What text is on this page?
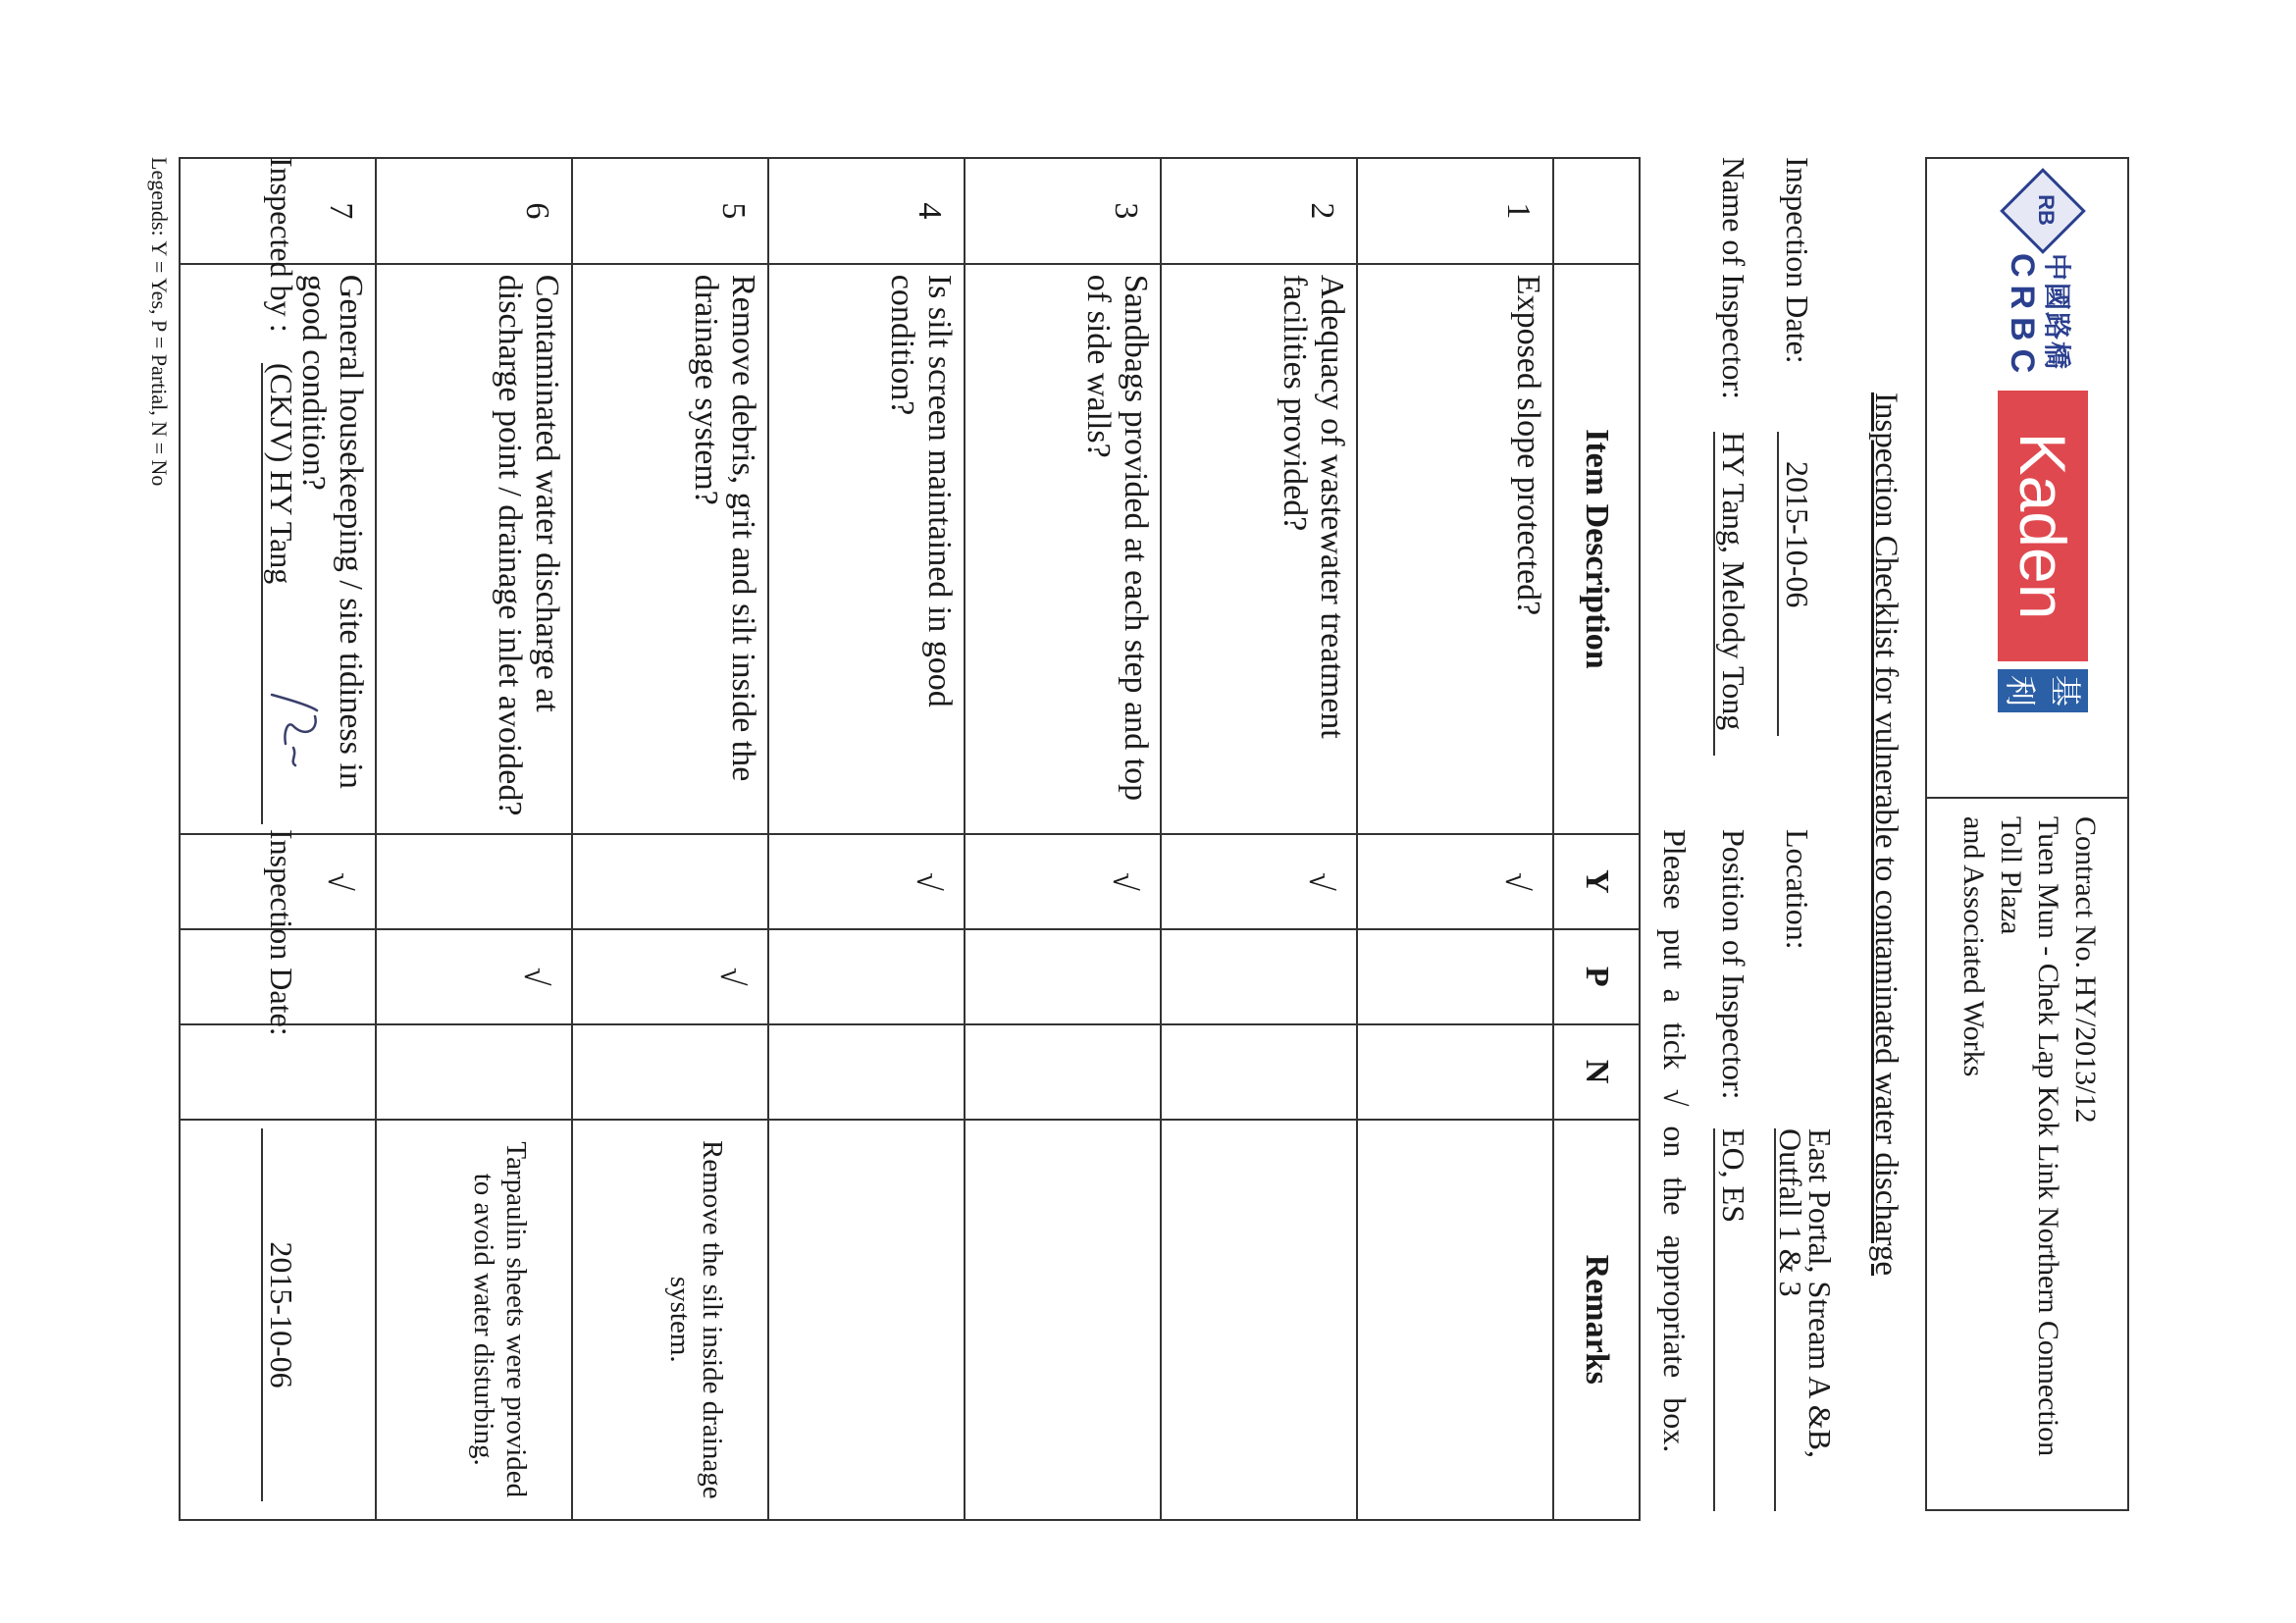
RB
中國路橋
CRBC
Kaden
基利
Contract No. HY/2013/12
Tuen Mun - Chek Lap Kok Link Northern Connection Toll Plaza
and Associated Works
Inspection Checklist for vulnerable to contaminated water discharge
Inspection Date:
2015-10-06
Location:
East Portal, Stream A &B,
Outfall 1 & 3
Name of Inspector:
HY Tang, Melody Tong
Position of Inspector:
EO, ES
Please put a tick √ on the appropriate box.
	Item Description	Y	P	N	Remarks
1	Exposed slope protected?	√			
2	Adequacy of wastewater treatment facilities provided?	√			
3	Sandbags provided at each step and top of side walls?	√			
4	Is silt screen maintained in good condition?	√			
5	Remove debris, grit and silt inside the drainage system?		√		Remove the silt inside drainage system.
6	Contaminated water discharge at discharge point / drainage inlet avoided?		√		Tarpaulin sheets were provided to avoid water disturbing.
7	General housekeeping / site tidiness in good condition?	√			
Inspected by
:
(CKJV) HY Tang
Inspection Date:
2015-10-06
Legends: Y = Yes, P = Partial, N = No
